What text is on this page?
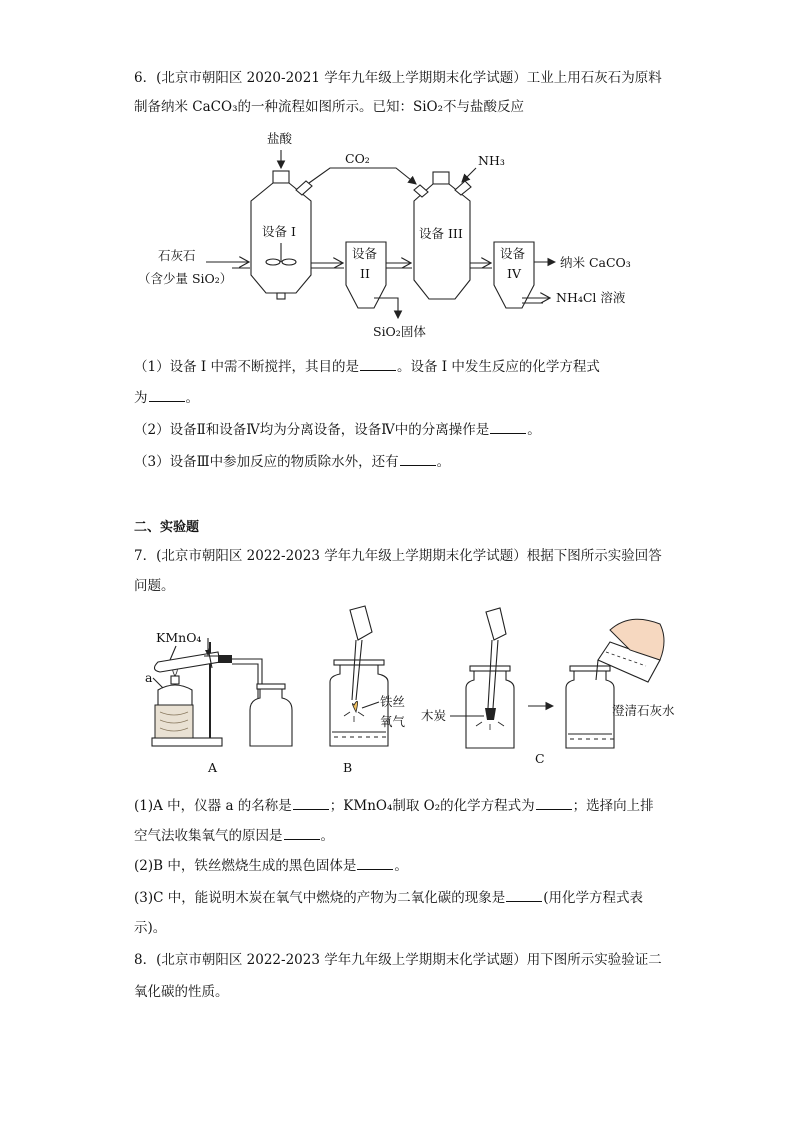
6．(北京市朝阳区 2020-2021 学年九年级上学期期末化学试题）工业上用石灰石为原料
制备纳米 CaCO₃的一种流程如图所示。已知：SiO₂不与盐酸反应
盐酸
设备 I
CO₂	NH₃
石灰石
（含少量 SiO₂）
设备
II
SiO₂固体
设备 III
设备
IV
纳米 CaCO₃
NH₄Cl 溶液
（1）设备 I 中需不断搅拌，其目的是	。设备 I 中发生反应的化学方程式
为	。
（2）设备Ⅱ和设备Ⅳ均为分离设备，设备Ⅳ中的分离操作是	。
（3）设备Ⅲ中参加反应的物质除水外，还有	。
二、实验题
7．(北京市朝阳区 2022-2023 学年九年级上学期期末化学试题）根据下图所示实验回答
问题。
KMnO₄
a
A
铁丝
氧气
B
木炭	澄清石灰水
C
(1)A 中，仪器 a 的名称是	；KMnO₄制取 O₂的化学方程式为	；选择向上排
空气法收集氧气的原因是	。
(2)B 中，铁丝燃烧生成的黑色固体是	。
(3)C 中，能说明木炭在氧气中燃烧的产物为二氧化碳的现象是	(用化学方程式表
示)。
8．(北京市朝阳区 2022-2023 学年九年级上学期期末化学试题）用下图所示实验验证二
氧化碳的性质。
